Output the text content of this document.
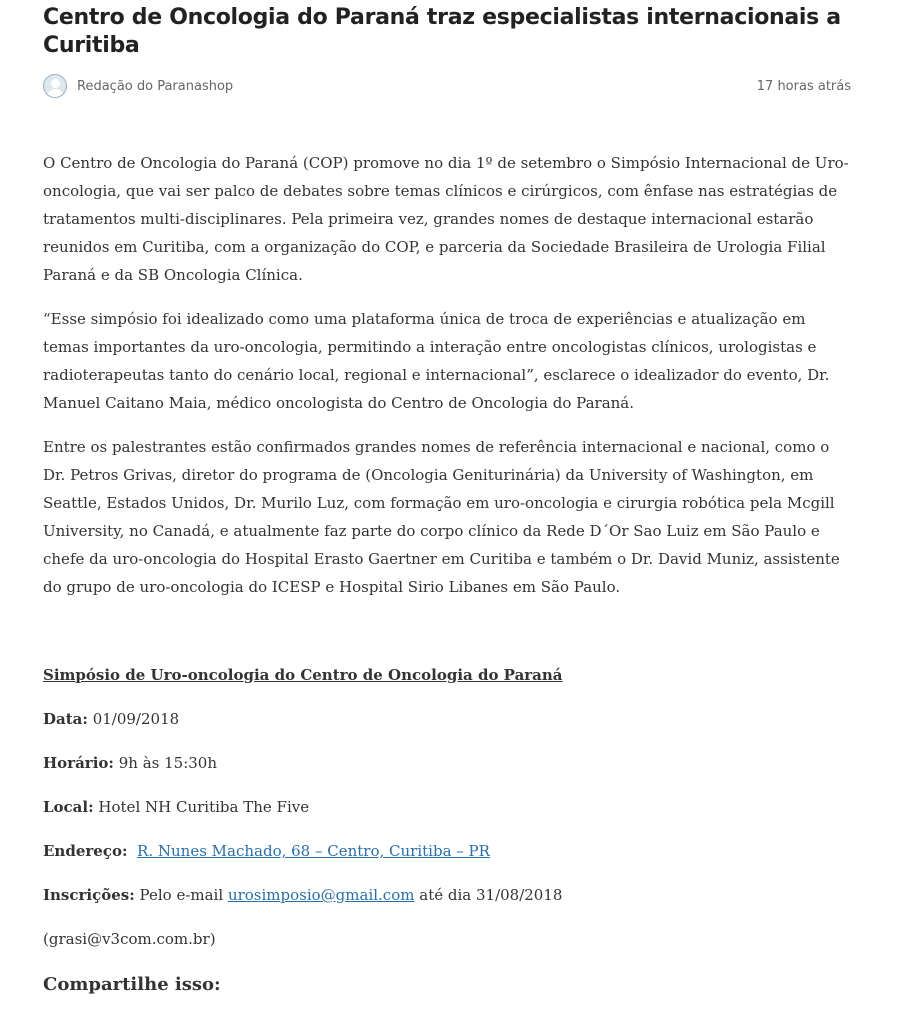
Centro de Oncologia do Paraná traz especialistas internacionais a Curitiba
Redação do Paranashop	17 horas atrás

O Centro de Oncologia do Paraná (COP) promove no dia 1º de setembro o Simpósio Internacional de Uro-oncologia, que vai ser palco de debates sobre temas clínicos e cirúrgicos, com ênfase nas estratégias de tratamentos multi-disciplinares. Pela primeira vez, grandes nomes de destaque internacional estarão reunidos em Curitiba, com a organização do COP, e parceria da Sociedade Brasileira de Urologia Filial Paraná e da SB Oncologia Clínica.

“Esse simpósio foi idealizado como uma plataforma única de troca de experiências e atualização em temas importantes da uro-oncologia, permitindo a interação entre oncologistas clínicos, urologistas e radioterapeutas tanto do cenário local, regional e internacional”, esclarece o idealizador do evento, Dr. Manuel Caitano Maia, médico oncologista do Centro de Oncologia do Paraná.

Entre os palestrantes estão confirmados grandes nomes de referência internacional e nacional, como o Dr. Petros Grivas, diretor do programa de (Oncologia Geniturinária) da University of Washington, em Seattle, Estados Unidos, Dr. Murilo Luz, com formação em uro-oncologia e cirurgia robótica pela Mcgill University, no Canadá, e atualmente faz parte do corpo clínico da Rede D´Or Sao Luiz em São Paulo e chefe da uro-oncologia do Hospital Erasto Gaertner em Curitiba e também o Dr. David Muniz, assistente do grupo de uro-oncologia do ICESP e Hospital Sirio Libanes em São Paulo.

Simpósio de Uro-oncologia do Centro de Oncologia do Paraná

Data: 01/09/2018

Horário: 9h às 15:30h

Local: Hotel NH Curitiba The Five

Endereço: R. Nunes Machado, 68 – Centro, Curitiba – PR

Inscrições: Pelo e-mail urosimposio@gmail.com até dia 31/08/2018

(grasi@v3com.com.br)

Compartilhe isso:
